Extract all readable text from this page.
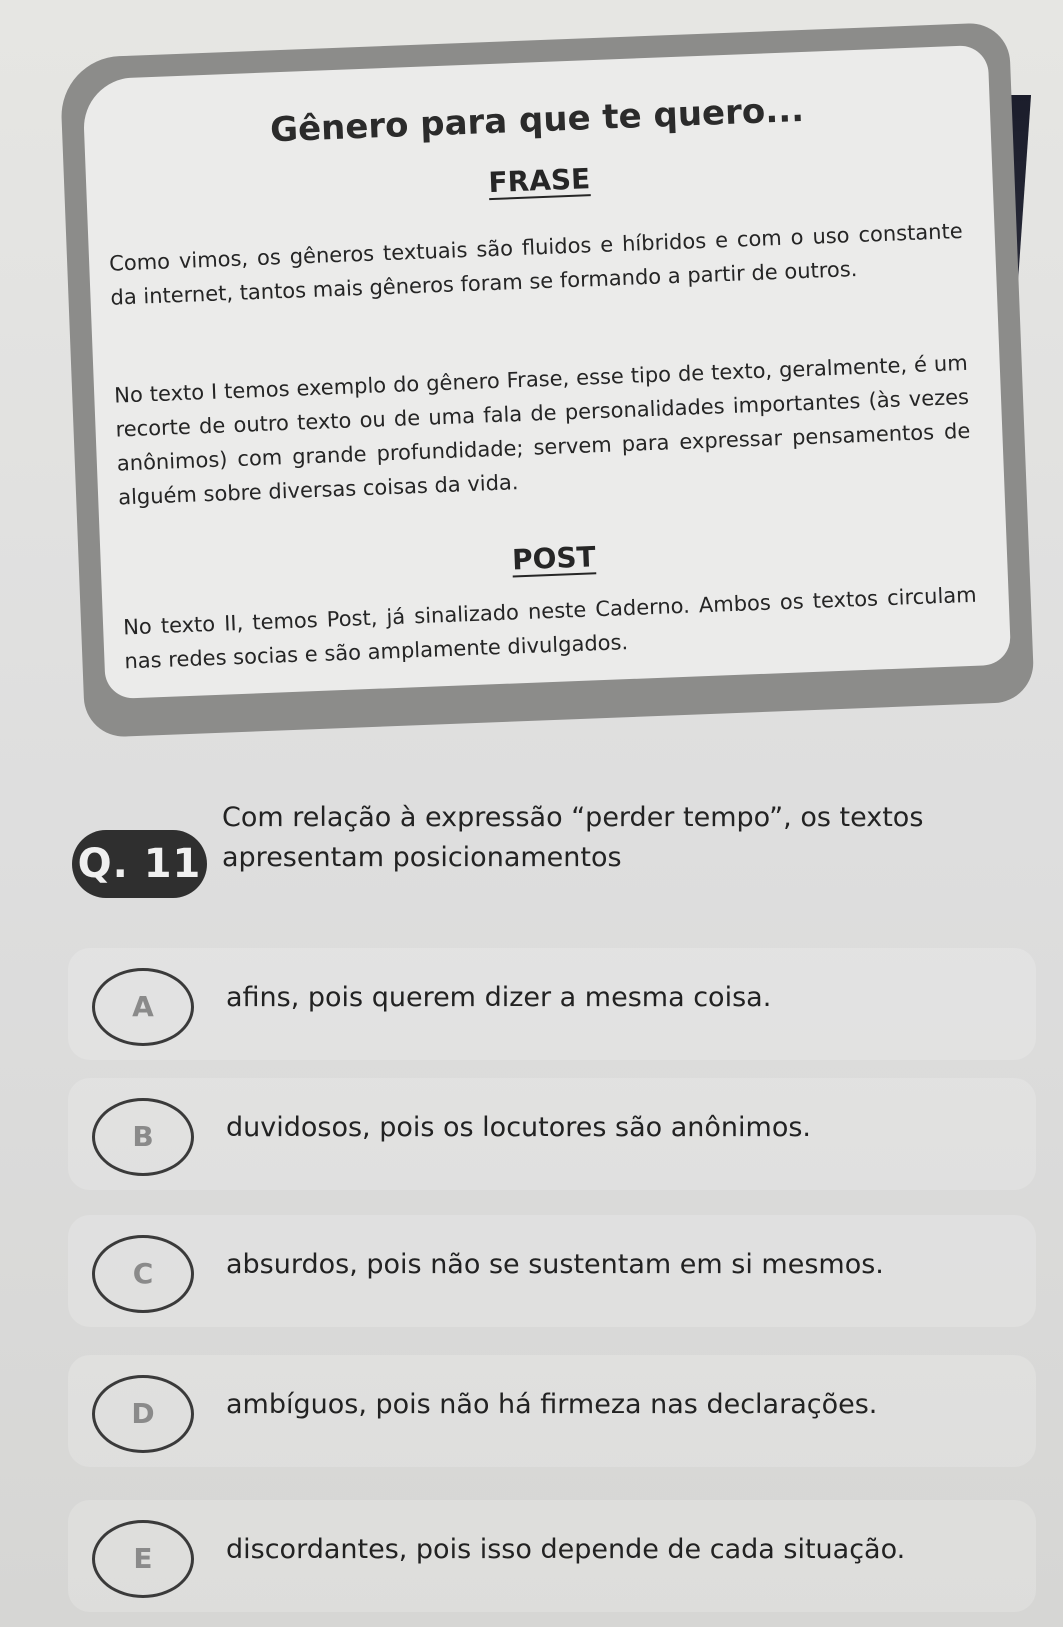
Gênero para que te quero...
FRASE
Como vimos, os gêneros textuais são fluidos e híbridos e com o uso constante da internet, tantos mais gêneros foram se formando a partir de outros.
No texto I temos exemplo do gênero Frase, esse tipo de texto, geralmente, é um recorte de outro texto ou de uma fala de personalidades importantes (às vezes anônimos) com grande profundidade; servem para expressar pensamentos de alguém sobre diversas coisas da vida.
POST
No texto II, temos Post, já sinalizado neste Caderno. Ambos os textos circulam nas redes socias e são amplamente divulgados.
Q. 11
Com relação à expressão “perder tempo”, os textos apresentam posicionamentos
A	afins, pois querem dizer a mesma coisa.
B	duvidosos, pois os locutores são anônimos.
C	absurdos, pois não se sustentam em si mesmos.
D	ambíguos, pois não há firmeza nas declarações.
E	discordantes, pois isso depende de cada situação.
